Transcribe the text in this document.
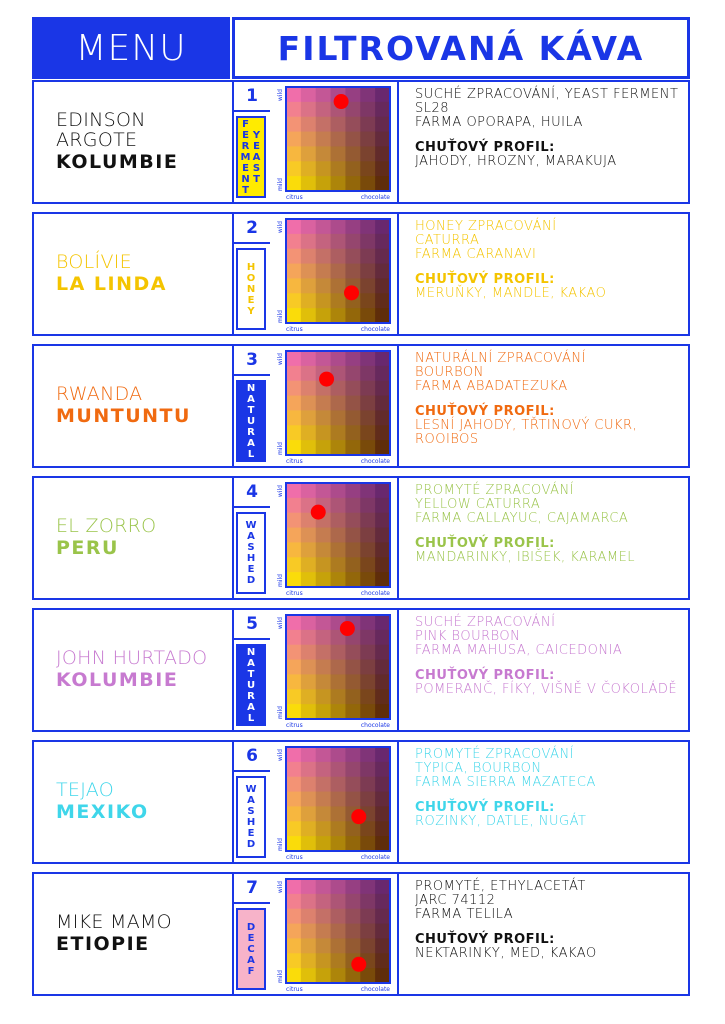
MENU	FILTROVANÁ KÁVA
EDINSON ARGOTE
KOLUMBIE
1
YEASTFERMENT
wild
mild
citrus	chocolate
SUCHÉ ZPRACOVÁNÍ, YEAST FERMENT
SL28
FARMA OPORAPA, HUILA
CHUŤOVÝ PROFIL:
JAHODY, HROZNY, MARAKUJA
BOLÍVIE
LA LINDA
2
HONEY
wild
mild
citrus	chocolate
HONEY ZPRACOVÁNÍ
CATURRA
FARMA CARANAVI
CHUŤOVÝ PROFIL:
MERUŇKY, MANDLE, KAKAO
RWANDA
MUNTUNTU
3
NATURAL
wild
mild
citrus	chocolate
NATURÁLNÍ ZPRACOVÁNÍ
BOURBON
FARMA ABADATEZUKA
CHUŤOVÝ PROFIL:
LESNÍ JAHODY, TŘTINOVÝ CUKR, ROOIBOS
EL ZORRO
PERU
4
WASHED
wild
mild
citrus	chocolate
PROMYTÉ ZPRACOVÁNÍ
YELLOW CATURRA
FARMA CALLAYUC, CAJAMARCA
CHUŤOVÝ PROFIL:
MANDARINKY, IBIŠEK, KARAMEL
JOHN HURTADO
KOLUMBIE
5
NATURAL
wild
mild
citrus	chocolate
SUCHÉ ZPRACOVÁNÍ
PINK BOURBON
FARMA MAHUSA, CAICEDONIA
CHUŤOVÝ PROFIL:
POMERANČ, FÍKY, VIŠNĚ V ČOKOLÁDĚ
TEJAO
MEXIKO
6
WASHED
wild
mild
citrus	chocolate
PROMYTÉ ZPRACOVÁNÍ
TYPICA, BOURBON
FARMA SIERRA MAZATECA
CHUŤOVÝ PROFIL:
ROZINKY, DATLE, NUGÁT
MIKE MAMO
ETIOPIE
7
DECAF
wild
mild
citrus	chocolate
PROMYTÉ, ETHYLACETÁT
JARC 74112
FARMA TELILA
CHUŤOVÝ PROFIL:
NEKTARINKY, MED, KAKAO
